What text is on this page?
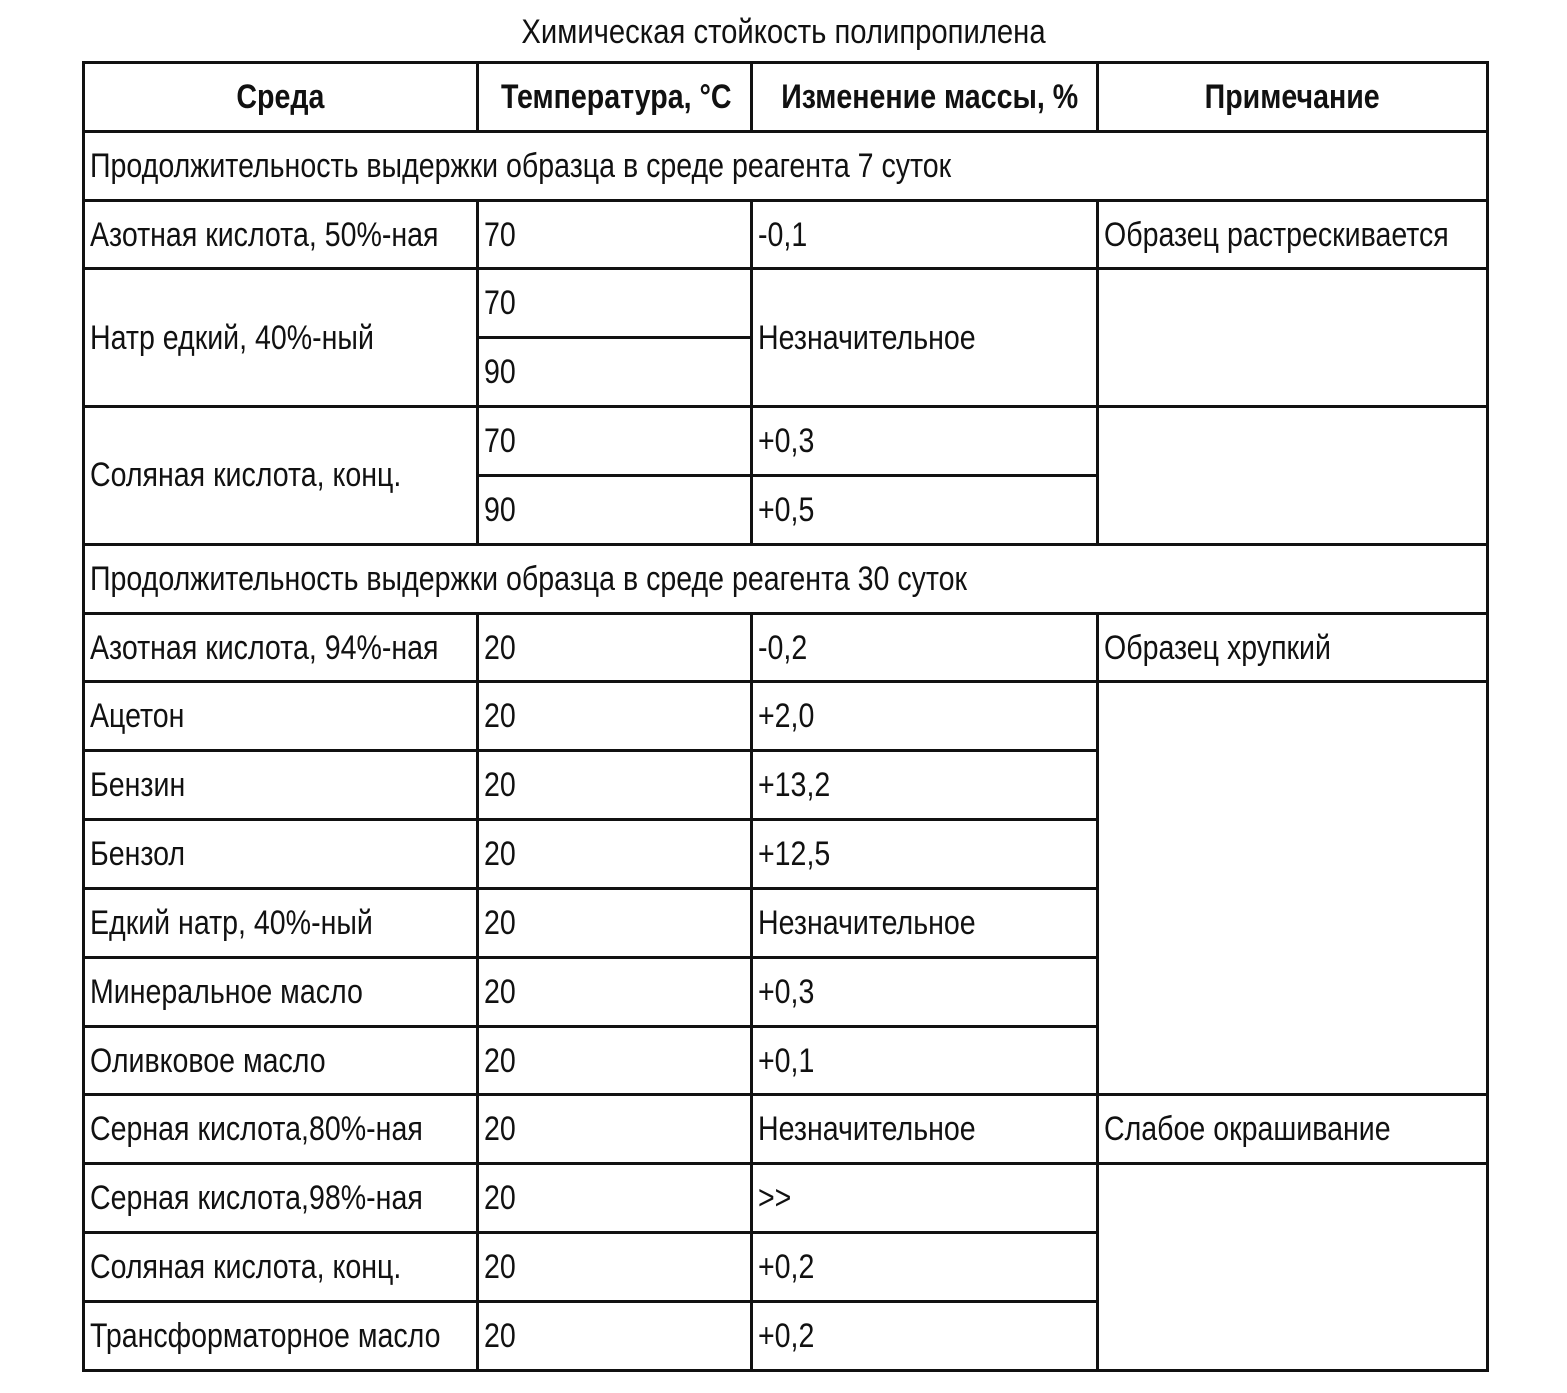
Химическая стойкость полипропилена
Среда	Температура, °С	Изменение массы, %	Примечание
Продолжительность выдержки образца в среде реагента 7 суток			
Азотная кислота, 50%-ная	70	-0,1	Образец растрескивается
Натр едкий, 40%-ный	70	Незначительное	
	90		
Соляная кислота, конц.	70	+0,3	
	90	+0,5	
Продолжительность выдержки образца в среде реагента 30 суток			
Азотная кислота, 94%-ная	20	-0,2	Образец хрупкий
Ацетон	20	+2,0	
Бензин	20	+13,2	
Бензол	20	+12,5	
Едкий натр, 40%-ный	20	Незначительное	
Минеральное масло	20	+0,3	
Оливковое масло	20	+0,1	
Серная кислота,80%-ная	20	Незначительное	Слабое окрашивание
Серная кислота,98%-ная	20	>>	
Соляная кислота, конц.	20	+0,2	
Трансформаторное масло	20	+0,2	
